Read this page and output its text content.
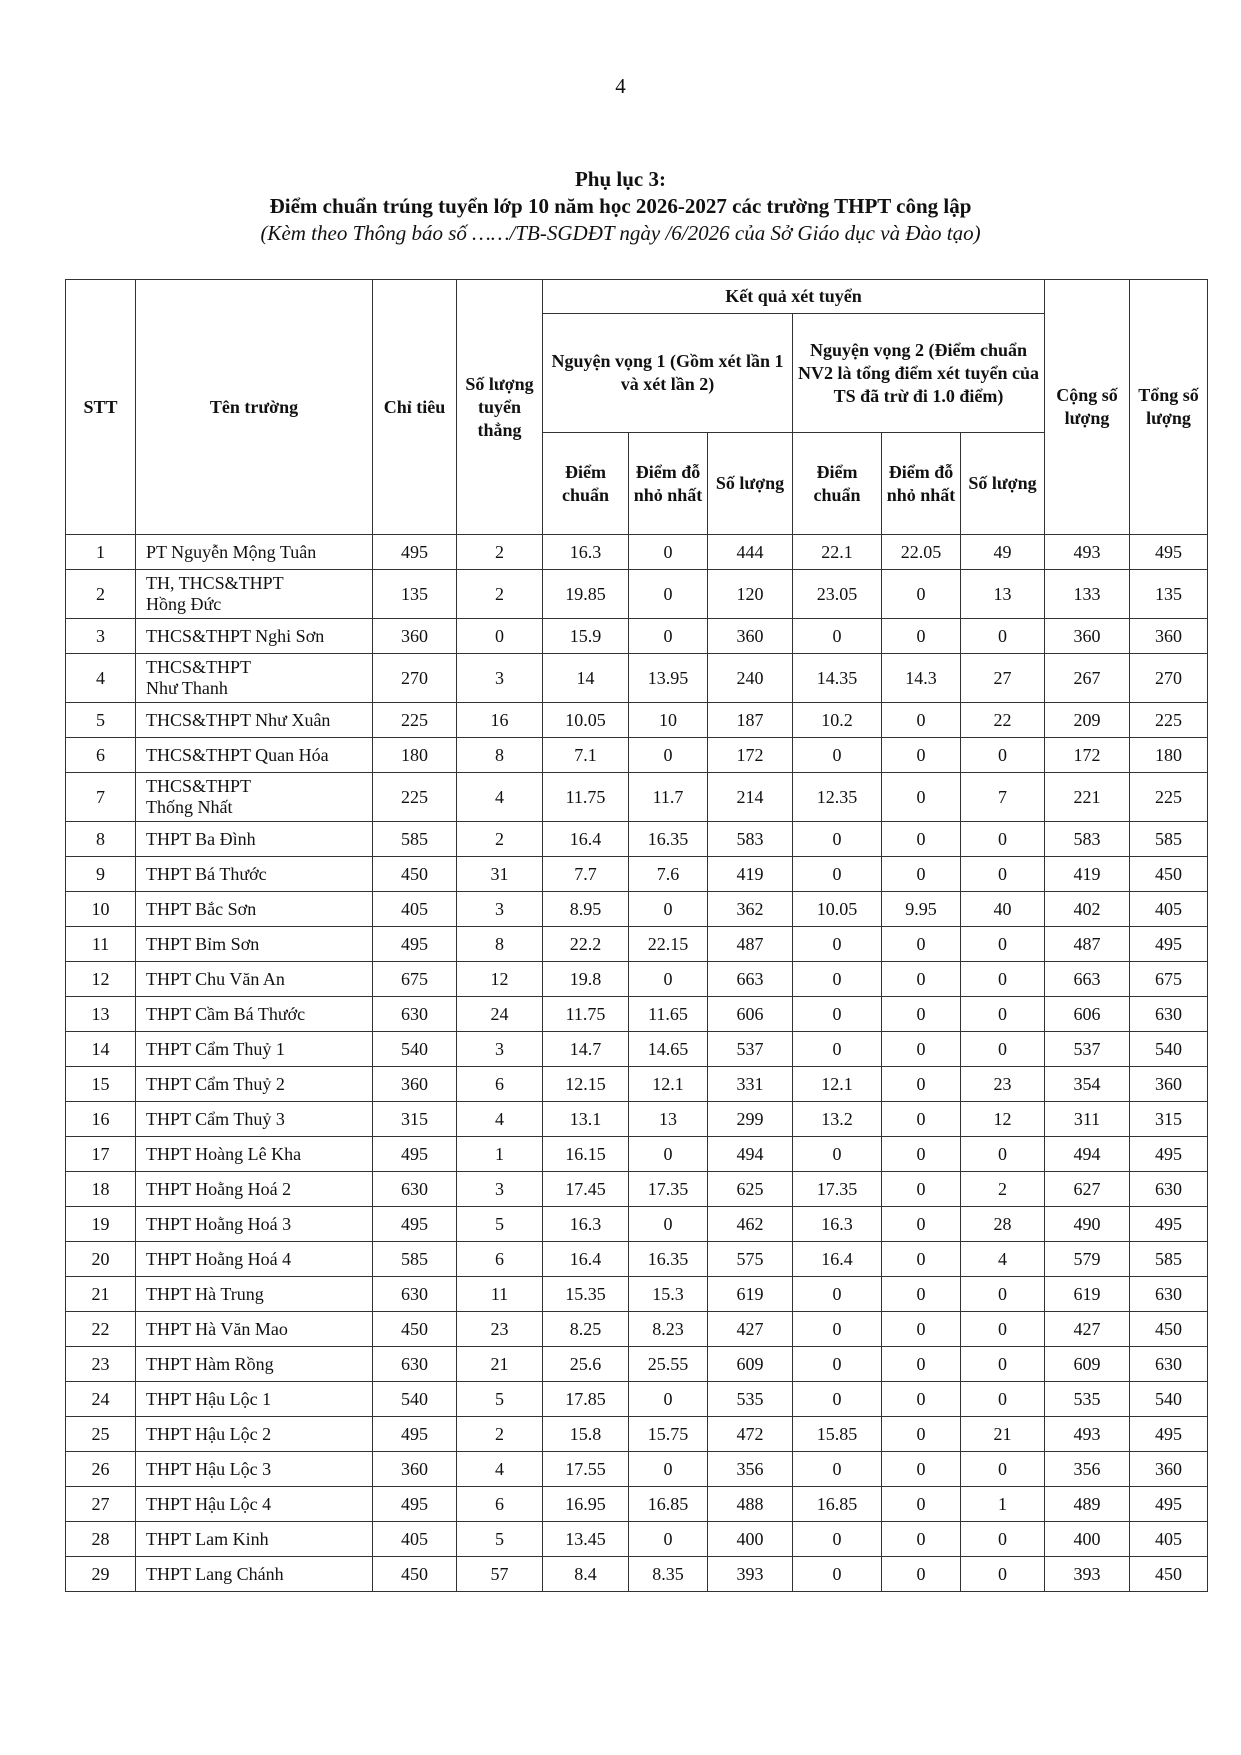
4
Phụ lục 3:
Điểm chuẩn trúng tuyển lớp 10 năm học 2026-2027 các trường THPT công lập
(Kèm theo Thông báo số ……/TB-SGDĐT ngày /6/2026 của Sở Giáo dục và Đào tạo)
STT	Tên trường	Chỉ tiêu	Số lượng tuyển thẳng	Kết quả xét tuyển						Cộng số lượng	Tổng số lượng
				Nguyện vọng 1 (Gồm xét lần 1 và xét lần 2)			Nguyện vọng 2 (Điểm chuẩn NV2 là tổng điểm xét tuyển của TS đã trừ đi 1.0 điểm)				
				Điểm chuẩn	Điểm đỗ nhỏ nhất	Số lượng	Điểm chuẩn	Điểm đỗ nhỏ nhất	Số lượng		
1	PT Nguyễn Mộng Tuân	495	2	16.3	0	444	22.1	22.05	49	493	495
2	TH, THCS&THPT
Hồng Đức	135	2	19.85	0	120	23.05	0	13	133	135
3	THCS&THPT Nghi Sơn	360	0	15.9	0	360	0	0	0	360	360
4	THCS&THPT
Như Thanh	270	3	14	13.95	240	14.35	14.3	27	267	270
5	THCS&THPT Như Xuân	225	16	10.05	10	187	10.2	0	22	209	225
6	THCS&THPT Quan Hóa	180	8	7.1	0	172	0	0	0	172	180
7	THCS&THPT
Thống Nhất	225	4	11.75	11.7	214	12.35	0	7	221	225
8	THPT Ba Đình	585	2	16.4	16.35	583	0	0	0	583	585
9	THPT Bá Thước	450	31	7.7	7.6	419	0	0	0	419	450
10	THPT Bắc Sơn	405	3	8.95	0	362	10.05	9.95	40	402	405
11	THPT Bỉm Sơn	495	8	22.2	22.15	487	0	0	0	487	495
12	THPT Chu Văn An	675	12	19.8	0	663	0	0	0	663	675
13	THPT Cầm Bá Thước	630	24	11.75	11.65	606	0	0	0	606	630
14	THPT Cẩm Thuỷ 1	540	3	14.7	14.65	537	0	0	0	537	540
15	THPT Cẩm Thuỷ 2	360	6	12.15	12.1	331	12.1	0	23	354	360
16	THPT Cẩm Thuỷ 3	315	4	13.1	13	299	13.2	0	12	311	315
17	THPT Hoàng Lê Kha	495	1	16.15	0	494	0	0	0	494	495
18	THPT Hoằng Hoá 2	630	3	17.45	17.35	625	17.35	0	2	627	630
19	THPT Hoằng Hoá 3	495	5	16.3	0	462	16.3	0	28	490	495
20	THPT Hoằng Hoá 4	585	6	16.4	16.35	575	16.4	0	4	579	585
21	THPT Hà Trung	630	11	15.35	15.3	619	0	0	0	619	630
22	THPT Hà Văn Mao	450	23	8.25	8.23	427	0	0	0	427	450
23	THPT Hàm Rồng	630	21	25.6	25.55	609	0	0	0	609	630
24	THPT Hậu Lộc 1	540	5	17.85	0	535	0	0	0	535	540
25	THPT Hậu Lộc 2	495	2	15.8	15.75	472	15.85	0	21	493	495
26	THPT Hậu Lộc 3	360	4	17.55	0	356	0	0	0	356	360
27	THPT Hậu Lộc 4	495	6	16.95	16.85	488	16.85	0	1	489	495
28	THPT Lam Kinh	405	5	13.45	0	400	0	0	0	400	405
29	THPT Lang Chánh	450	57	8.4	8.35	393	0	0	0	393	450
